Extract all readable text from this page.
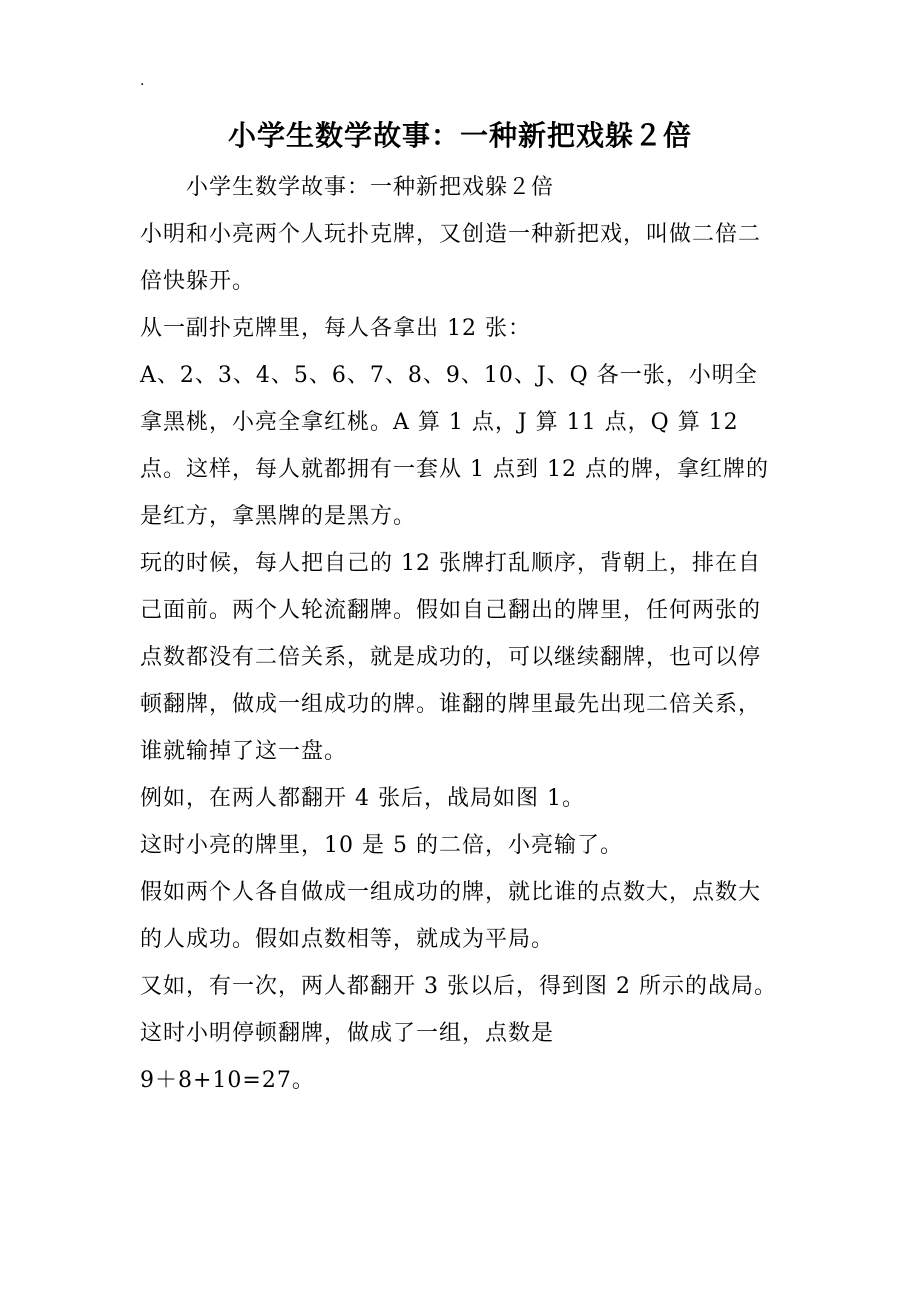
.
小学生数学故事：一种新把戏躲２倍

小学生数学故事：一种新把戏躲２倍

小明和小亮两个人玩扑克牌，又创造一种新把戏，叫做二倍二倍快躲开。

从一副扑克牌里，每人各拿出 12 张：

A、2、3、4、5、6、7、8、9、10、J、Q 各一张，小明全拿黑桃，小亮全拿红桃。A 算 1 点，J 算 11 点，Q 算 12 点。这样，每人就都拥有一套从 1 点到 12 点的牌，拿红牌的是红方，拿黑牌的是黑方。

玩的时候，每人把自己的 12 张牌打乱顺序，背朝上，排在自己面前。两个人轮流翻牌。假如自己翻出的牌里，任何两张的点数都没有二倍关系，就是成功的，可以继续翻牌，也可以停顿翻牌，做成一组成功的牌。谁翻的牌里最先出现二倍关系，谁就输掉了这一盘。

例如，在两人都翻开 4 张后，战局如图 1。

这时小亮的牌里，10 是 5 的二倍，小亮输了。

假如两个人各自做成一组成功的牌，就比谁的点数大，点数大的人成功。假如点数相等，就成为平局。

又如，有一次，两人都翻开 3 张以后，得到图 2 所示的战局。

这时小明停顿翻牌，做成了一组，点数是

9＋8+10=27。
